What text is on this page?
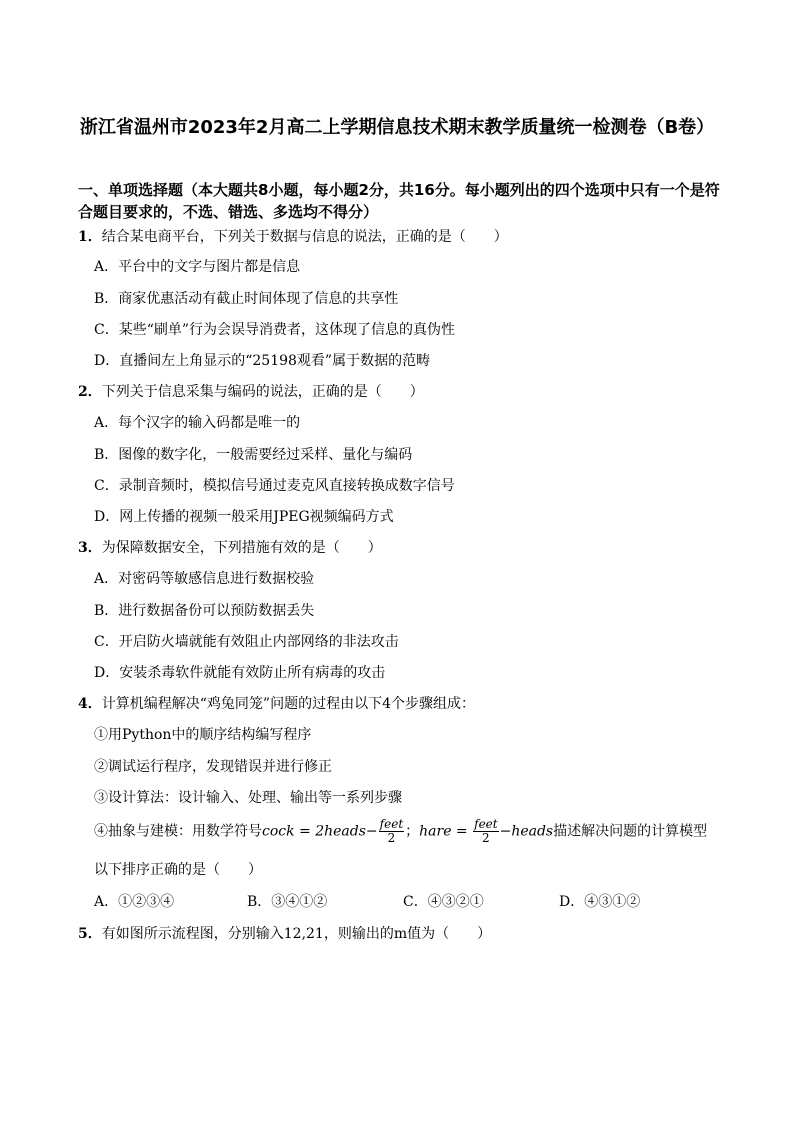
浙江省温州市2023年2月高二上学期信息技术期末教学质量统一检测卷（B卷）

一、单项选择题（本大题共8小题，每小题2分，共16分。每小题列出的四个选项中只有一个是符合题目要求的，不选、错选、多选均不得分）

1．结合某电商平台，下列关于数据与信息的说法，正确的是（　　）
A．平台中的文字与图片都是信息
B．商家优惠活动有截止时间体现了信息的共享性
C．某些“刷单”行为会误导消费者，这体现了信息的真伪性
D．直播间左上角显示的“25198观看”属于数据的范畴
2．下列关于信息采集与编码的说法，正确的是（　　）
A．每个汉字的输入码都是唯一的
B．图像的数字化，一般需要经过采样、量化与编码
C．录制音频时，模拟信号通过麦克风直接转换成数字信号
D．网上传播的视频一般采用JPEG视频编码方式
3．为保障数据安全，下列措施有效的是（　　）
A．对密码等敏感信息进行数据校验
B．进行数据备份可以预防数据丢失
C．开启防火墙就能有效阻止内部网络的非法攻击
D．安装杀毒软件就能有效防止所有病毒的攻击
4．计算机编程解决“鸡兔同笼”问题的过程由以下4个步骤组成：
①用Python中的顺序结构编写程序
②调试运行程序，发现错误并进行修正
③设计算法：设计输入、处理、输出等一系列步骤
④抽象与建模：用数学符号cock = 2heads− $\frac{\text{feet}}{2}$ ；hare = $\frac{\text{feet}}{2}$ −heads描述解决问题的计算模型
以下排序正确的是（　　）
A．①②③④	B．③④①②	C．④③②①	D．④③①②
5．有如图所示流程图，分别输入12,21，则输出的m值为（　　）
